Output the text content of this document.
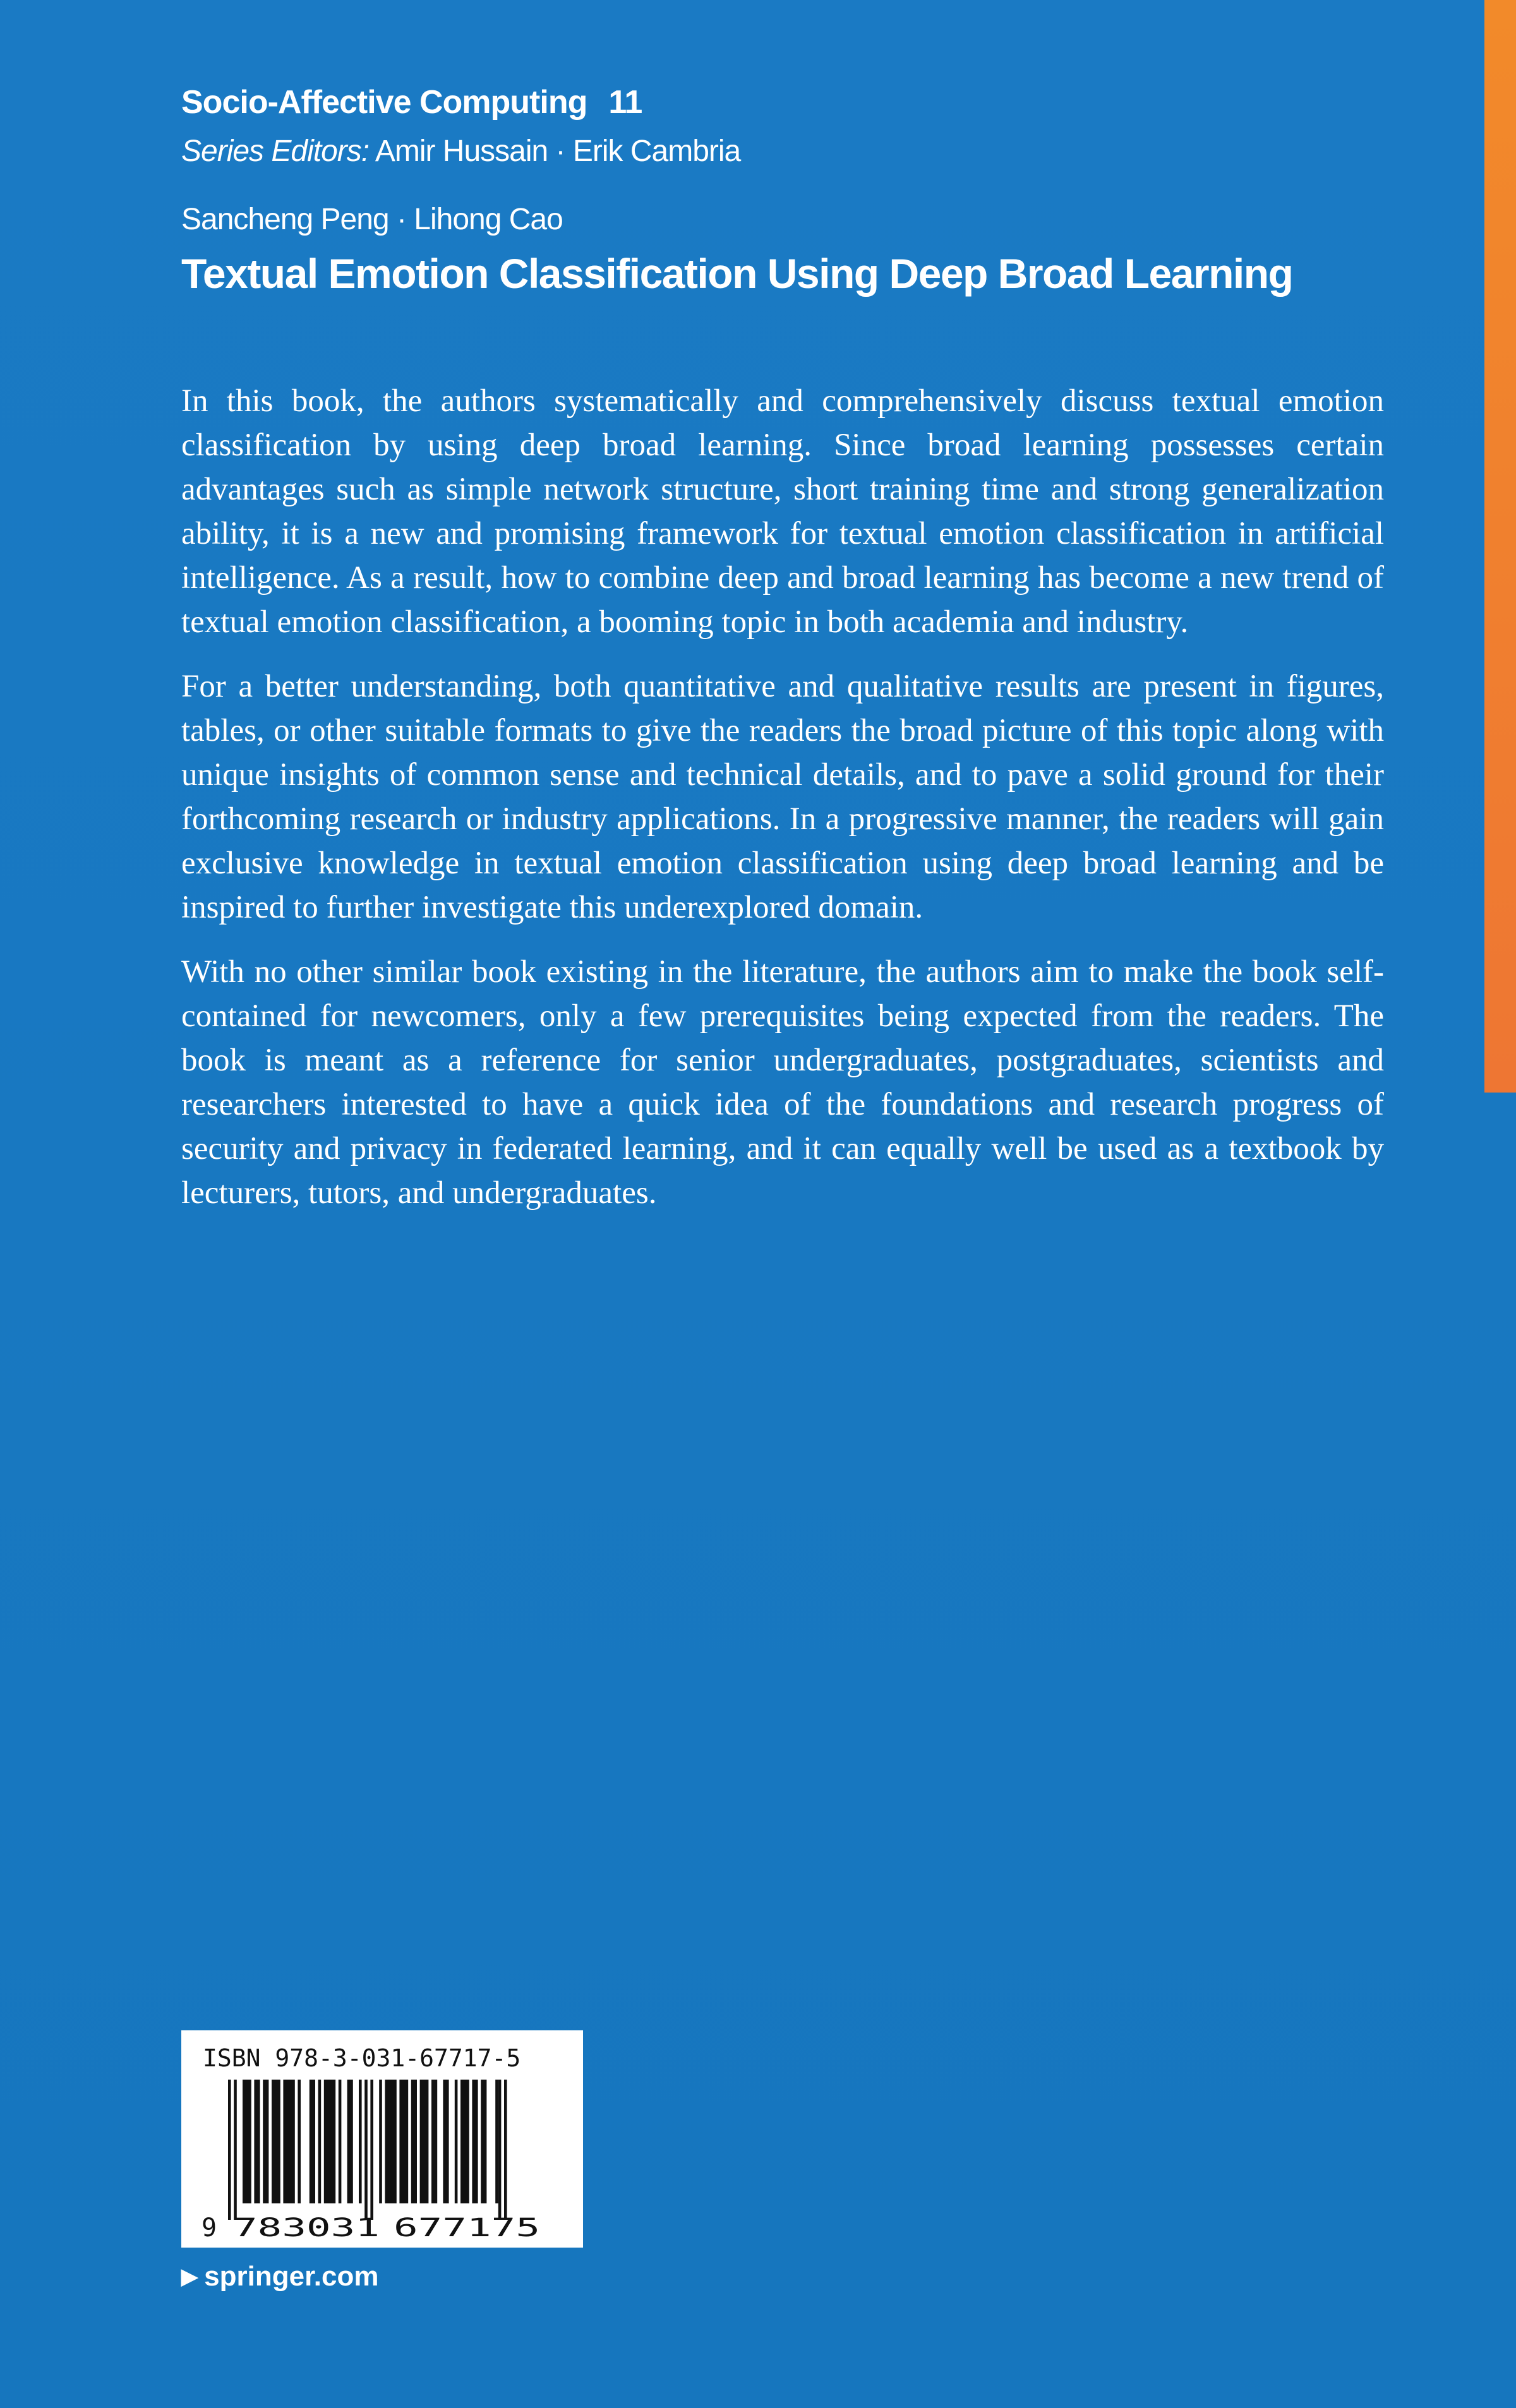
Socio-Affective Computing 11
Series Editors: Amir Hussain · Erik Cambria
Sancheng Peng · Lihong Cao
Textual Emotion Classification Using Deep Broad Learning

In this book, the authors systematically and comprehensively discuss textual emotion classification by using deep broad learning. Since broad learning possesses certain advantages such as simple network structure, short training time and strong generalization ability, it is a new and promising framework for textual emotion classification in artificial intelligence. As a result, how to combine deep and broad learning has become a new trend of textual emotion classification, a booming topic in both academia and industry.

For a better understanding, both quantitative and qualitative results are present in figures, tables, or other suitable formats to give the readers the broad picture of this topic along with unique insights of common sense and technical details, and to pave a solid ground for their forthcoming research or industry applications. In a progressive manner, the readers will gain exclusive knowledge in textual emotion classification using deep broad learning and be inspired to further investigate this underexplored domain.

With no other similar book existing in the literature, the authors aim to make the book self-contained for newcomers, only a few prerequisites being expected from the readers. The book is meant as a reference for senior undergraduates, postgraduates, scientists and researchers interested to have a quick idea of the foundations and research progress of security and privacy in federated learning, and it can equally well be used as a textbook by lecturers, tutors, and undergraduates.

ISBN 978-3-031-67717-5
9 783031 677175
▶ springer.com
